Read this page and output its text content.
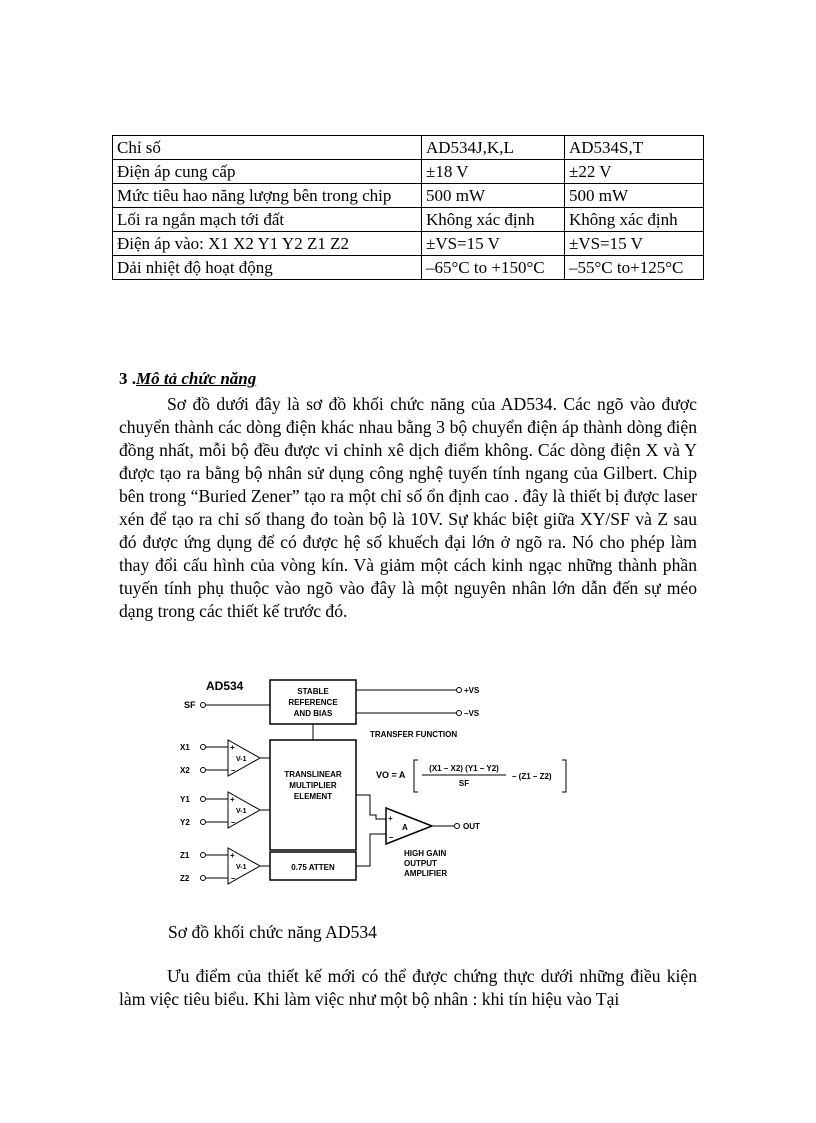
Chỉ số	AD534J,K,L	AD534S,T
Điện áp cung cấp	±18 V	±22 V
Mức tiêu hao năng lượng bên trong chip	500 mW	500 mW
Lối ra ngắn mạch tới đất	Không xác định	Không xác định
Điện áp vào: X1 X2 Y1 Y2 Z1 Z2	±VS=15 V	±VS=15 V
Dải nhiệt độ hoạt động	–65°C to +150°C	–55°C to+125°C
3 .Mô tả chức năng

Sơ đồ dưới đây là sơ đồ khối chức năng của AD534. Các ngõ vào được chuyển thành các dòng điện khác nhau bằng 3 bộ chuyển điện áp thành dòng điện đồng nhất, mỗi bộ đều được vi chỉnh xê dịch điểm không. Các dòng điện X và Y được tạo ra bằng bộ nhân sử dụng công nghệ tuyến tính ngang của Gilbert. Chip bên trong “Buried Zener” tạo ra một chỉ số ổn định cao . đây là thiết bị được laser xén để tạo ra chỉ số thang đo toàn bộ là 10V. Sự khác biệt giữa XY/SF và Z sau đó được ứng dụng để có được hệ số khuếch đại lớn ở ngõ ra. Nó cho phép làm thay đổi cấu hình của vòng kín. Và giảm một cách kinh ngạc những thành phần tuyến tính phụ thuộc vào ngõ vào đây là một nguyên nhân lớn dẫn đến sự méo dạng trong các thiết kế trước đó.

AD534
SF
STABLE
REFERENCE
AND BIAS
+VS
–VS
TRANSFER FUNCTION
TRANSLINEAR
MULTIPLIER
ELEMENT
VO = A
(X1 – X2) (Y1 – Y2)
SF
– (Z1 – Z2)
X1
X2
+
–
V-1
Y1
Y2
+
–
V-1
Z1
Z2
+
–
V-1	0.75 ATTEN
+
–
A	OUT
HIGH GAIN
OUTPUT
AMPLIFIER
Sơ đồ khối chức năng AD534

Ưu điểm của thiết kế mới có thể được chứng thực dưới những điều kiện làm việc tiêu biểu. Khi làm việc như một bộ nhân : khi tín hiệu vào Tại
